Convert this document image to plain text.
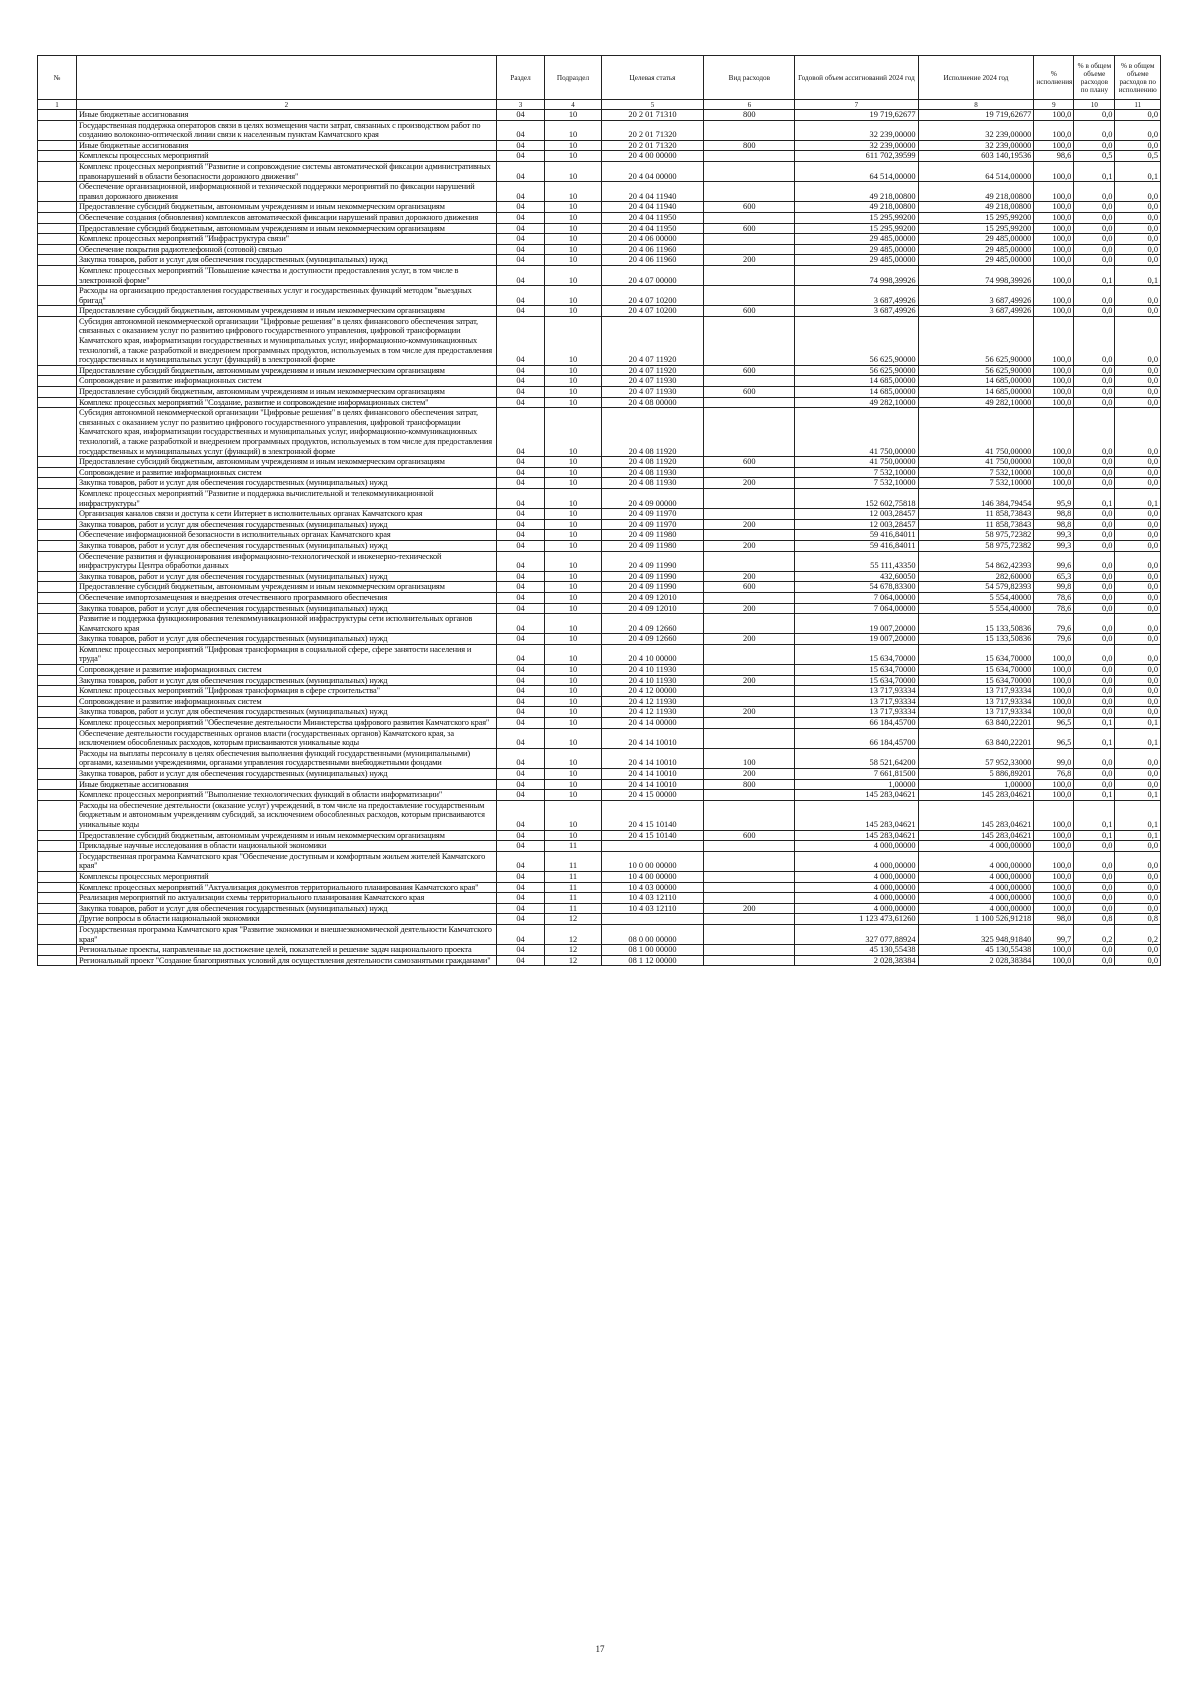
№		Раздел	Подраздел	Целевая статья	Вид расходов	Годовой объем ассигнований 2024 год	Исполнение 2024 год	% исполнения	% в общем объеме расходов по плану	% в общем объеме расходов по исполнению
1	2	3	4	5	6	7	8	9	10	11
	Иные бюджетные ассигнования	04	10	20 2 01 71310	800	19 719,62677	19 719,62677	100,0	0,0	0,0
	Государственная поддержка операторов связи в целях возмещения части затрат, связанных с производством работ по созданию волоконно-оптической линии связи к населенным пунктам Камчатского края	04	10	20 2 01 71320		32 239,00000	32 239,00000	100,0	0,0	0,0
	Иные бюджетные ассигнования	04	10	20 2 01 71320	800	32 239,00000	32 239,00000	100,0	0,0	0,0
	Комплексы процессных мероприятий	04	10	20 4 00 00000		611 702,39599	603 140,19536	98,6	0,5	0,5
	Комплекс процессных мероприятий "Развитие и сопровождение системы автоматической фиксации административных правонарушений в области безопасности дорожного движения"	04	10	20 4 04 00000		64 514,00000	64 514,00000	100,0	0,1	0,1
	Обеспечение организационной, информационной и технической поддержки мероприятий по фиксации нарушений правил дорожного движения	04	10	20 4 04 11940		49 218,00800	49 218,00800	100,0	0,0	0,0
	Предоставление субсидий бюджетным, автономным учреждениям и иным некоммерческим организациям	04	10	20 4 04 11940	600	49 218,00800	49 218,00800	100,0	0,0	0,0
	Обеспечение создания (обновления) комплексов автоматической фиксации нарушений правил дорожного движения	04	10	20 4 04 11950		15 295,99200	15 295,99200	100,0	0,0	0,0
	Предоставление субсидий бюджетным, автономным учреждениям и иным некоммерческим организациям	04	10	20 4 04 11950	600	15 295,99200	15 295,99200	100,0	0,0	0,0
	Комплекс процессных мероприятий "Инфраструктура связи"	04	10	20 4 06 00000		29 485,00000	29 485,00000	100,0	0,0	0,0
	Обеспечение покрытия радиотелефонной (сотовой) связью	04	10	20 4 06 11960		29 485,00000	29 485,00000	100,0	0,0	0,0
	Закупка товаров, работ и услуг для обеспечения государственных (муниципальных) нужд	04	10	20 4 06 11960	200	29 485,00000	29 485,00000	100,0	0,0	0,0
	Комплекс процессных мероприятий "Повышение качества и доступности предоставления услуг, в том числе в электронной форме"	04	10	20 4 07 00000		74 998,39926	74 998,39926	100,0	0,1	0,1
	Расходы на организацию предоставления государственных услуг и государственных функций методом "выездных бригад"	04	10	20 4 07 10200		3 687,49926	3 687,49926	100,0	0,0	0,0
	Предоставление субсидий бюджетным, автономным учреждениям и иным некоммерческим организациям	04	10	20 4 07 10200	600	3 687,49926	3 687,49926	100,0	0,0	0,0
	Субсидия автономной некоммерческой организации "Цифровые решения" в целях финансового обеспечения затрат, связанных с оказанием услуг по развитию цифрового государственного управления, цифровой трансформации Камчатского края, информатизации государственных и муниципальных услуг, информационно-коммуникационных технологий, а также разработкой и внедрением программных продуктов, используемых в том числе для предоставления государственных и муниципальных услуг (функций) в электронной форме	04	10	20 4 07 11920		56 625,90000	56 625,90000	100,0	0,0	0,0
	Предоставление субсидий бюджетным, автономным учреждениям и иным некоммерческим организациям	04	10	20 4 07 11920	600	56 625,90000	56 625,90000	100,0	0,0	0,0
	Сопровождение и развитие информационных систем	04	10	20 4 07 11930		14 685,00000	14 685,00000	100,0	0,0	0,0
	Предоставление субсидий бюджетным, автономным учреждениям и иным некоммерческим организациям	04	10	20 4 07 11930	600	14 685,00000	14 685,00000	100,0	0,0	0,0
	Комплекс процессных мероприятий "Создание, развитие и сопровождение информационных систем"	04	10	20 4 08 00000		49 282,10000	49 282,10000	100,0	0,0	0,0
	Субсидия автономной некоммерческой организации "Цифровые решения" в целях финансового обеспечения затрат, связанных с оказанием услуг по развитию цифрового государственного управления, цифровой трансформации Камчатского края, информатизации государственных и муниципальных услуг, информационно-коммуникационных технологий, а также разработкой и внедрением программных продуктов, используемых в том числе для предоставления государственных и муниципальных услуг (функций) в электронной форме	04	10	20 4 08 11920		41 750,00000	41 750,00000	100,0	0,0	0,0
	Предоставление субсидий бюджетным, автономным учреждениям и иным некоммерческим организациям	04	10	20 4 08 11920	600	41 750,00000	41 750,00000	100,0	0,0	0,0
	Сопровождение и развитие информационных систем	04	10	20 4 08 11930		7 532,10000	7 532,10000	100,0	0,0	0,0
	Закупка товаров, работ и услуг для обеспечения государственных (муниципальных) нужд	04	10	20 4 08 11930	200	7 532,10000	7 532,10000	100,0	0,0	0,0
	Комплекс процессных мероприятий "Развитие и поддержка вычислительной и телекоммуникационной инфраструктуры"	04	10	20 4 09 00000		152 602,75818	146 384,79454	95,9	0,1	0,1
	Организация каналов связи и доступа к сети Интернет в исполнительных органах Камчатского края	04	10	20 4 09 11970		12 003,28457	11 858,73843	98,8	0,0	0,0
	Закупка товаров, работ и услуг для обеспечения государственных (муниципальных) нужд	04	10	20 4 09 11970	200	12 003,28457	11 858,73843	98,8	0,0	0,0
	Обеспечение информационной безопасности в исполнительных органах Камчатского края	04	10	20 4 09 11980		59 416,84011	58 975,72382	99,3	0,0	0,0
	Закупка товаров, работ и услуг для обеспечения государственных (муниципальных) нужд	04	10	20 4 09 11980	200	59 416,84011	58 975,72382	99,3	0,0	0,0
	Обеспечение развития и функционирования информационно-технологической и инженерно-технической инфраструктуры Центра обработки данных	04	10	20 4 09 11990		55 111,43350	54 862,42393	99,6	0,0	0,0
	Закупка товаров, работ и услуг для обеспечения государственных (муниципальных) нужд	04	10	20 4 09 11990	200	432,60050	282,60000	65,3	0,0	0,0
	Предоставление субсидий бюджетным, автономным учреждениям и иным некоммерческим организациям	04	10	20 4 09 11990	600	54 678,83300	54 579,82393	99,8	0,0	0,0
	Обеспечение импортозамещения и внедрения отечественного программного обеспечения	04	10	20 4 09 12010		7 064,00000	5 554,40000	78,6	0,0	0,0
	Закупка товаров, работ и услуг для обеспечения государственных (муниципальных) нужд	04	10	20 4 09 12010	200	7 064,00000	5 554,40000	78,6	0,0	0,0
	Развитие и поддержка функционирования телекоммуникационной инфраструктуры сети исполнительных органов Камчатского края	04	10	20 4 09 12660		19 007,20000	15 133,50836	79,6	0,0	0,0
	Закупка товаров, работ и услуг для обеспечения государственных (муниципальных) нужд	04	10	20 4 09 12660	200	19 007,20000	15 133,50836	79,6	0,0	0,0
	Комплекс процессных мероприятий "Цифровая трансформация в социальной сфере, сфере занятости населения и труда"	04	10	20 4 10 00000		15 634,70000	15 634,70000	100,0	0,0	0,0
	Сопровождение и развитие информационных систем	04	10	20 4 10 11930		15 634,70000	15 634,70000	100,0	0,0	0,0
	Закупка товаров, работ и услуг для обеспечения государственных (муниципальных) нужд	04	10	20 4 10 11930	200	15 634,70000	15 634,70000	100,0	0,0	0,0
	Комплекс процессных мероприятий "Цифровая трансформация в сфере строительства"	04	10	20 4 12 00000		13 717,93334	13 717,93334	100,0	0,0	0,0
	Сопровождение и развитие информационных систем	04	10	20 4 12 11930		13 717,93334	13 717,93334	100,0	0,0	0,0
	Закупка товаров, работ и услуг для обеспечения государственных (муниципальных) нужд	04	10	20 4 12 11930	200	13 717,93334	13 717,93334	100,0	0,0	0,0
	Комплекс процессных мероприятий "Обеспечение деятельности Министерства цифрового развития Камчатского края"	04	10	20 4 14 00000		66 184,45700	63 840,22201	96,5	0,1	0,1
	Обеспечение деятельности государственных органов власти (государственных органов) Камчатского края, за исключением обособленных расходов, которым присваиваются уникальные коды	04	10	20 4 14 10010		66 184,45700	63 840,22201	96,5	0,1	0,1
	Расходы на выплаты персоналу в целях обеспечения выполнения функций государственными (муниципальными) органами, казенными учреждениями, органами управления государственными внебюджетными фондами	04	10	20 4 14 10010	100	58 521,64200	57 952,33000	99,0	0,0	0,0
	Закупка товаров, работ и услуг для обеспечения государственных (муниципальных) нужд	04	10	20 4 14 10010	200	7 661,81500	5 886,89201	76,8	0,0	0,0
	Иные бюджетные ассигнования	04	10	20 4 14 10010	800	1,00000	1,00000	100,0	0,0	0,0
	Комплекс процессных мероприятий "Выполнение технологических функций в области информатизации"	04	10	20 4 15 00000		145 283,04621	145 283,04621	100,0	0,1	0,1
	Расходы на обеспечение деятельности (оказание услуг) учреждений, в том числе на предоставление государственным бюджетным и автономным учреждениям субсидий, за исключением обособленных расходов, которым присваиваются уникальные коды	04	10	20 4 15 10140		145 283,04621	145 283,04621	100,0	0,1	0,1
	Предоставление субсидий бюджетным, автономным учреждениям и иным некоммерческим организациям	04	10	20 4 15 10140	600	145 283,04621	145 283,04621	100,0	0,1	0,1
	Прикладные научные исследования в области национальной экономики	04	11			4 000,00000	4 000,00000	100,0	0,0	0,0
	Государственная программа Камчатского края "Обеспечение доступным и комфортным жильем жителей Камчатского края"	04	11	10 0 00 00000		4 000,00000	4 000,00000	100,0	0,0	0,0
	Комплексы процессных мероприятий	04	11	10 4 00 00000		4 000,00000	4 000,00000	100,0	0,0	0,0
	Комплекс процессных мероприятий "Актуализация документов территориального планирования Камчатского края"	04	11	10 4 03 00000		4 000,00000	4 000,00000	100,0	0,0	0,0
	Реализация мероприятий по актуализации схемы территориального планирования Камчатского края	04	11	10 4 03 12110		4 000,00000	4 000,00000	100,0	0,0	0,0
	Закупка товаров, работ и услуг для обеспечения государственных (муниципальных) нужд	04	11	10 4 03 12110	200	4 000,00000	4 000,00000	100,0	0,0	0,0
	Другие вопросы в области национальной экономики	04	12			1 123 473,61260	1 100 526,91218	98,0	0,8	0,8
	Государственная программа Камчатского края "Развитие экономики и внешнеэкономической деятельности Камчатского края"	04	12	08 0 00 00000		327 077,88924	325 948,91840	99,7	0,2	0,2
	Региональные проекты, направленные на достижение целей, показателей и решение задач национального проекта	04	12	08 1 00 00000		45 130,55438	45 130,55438	100,0	0,0	0,0
	Региональный проект "Создание благоприятных условий для осуществления деятельности самозанятыми гражданами"	04	12	08 1 12 00000		2 028,38384	2 028,38384	100,0	0,0	0,0
17
